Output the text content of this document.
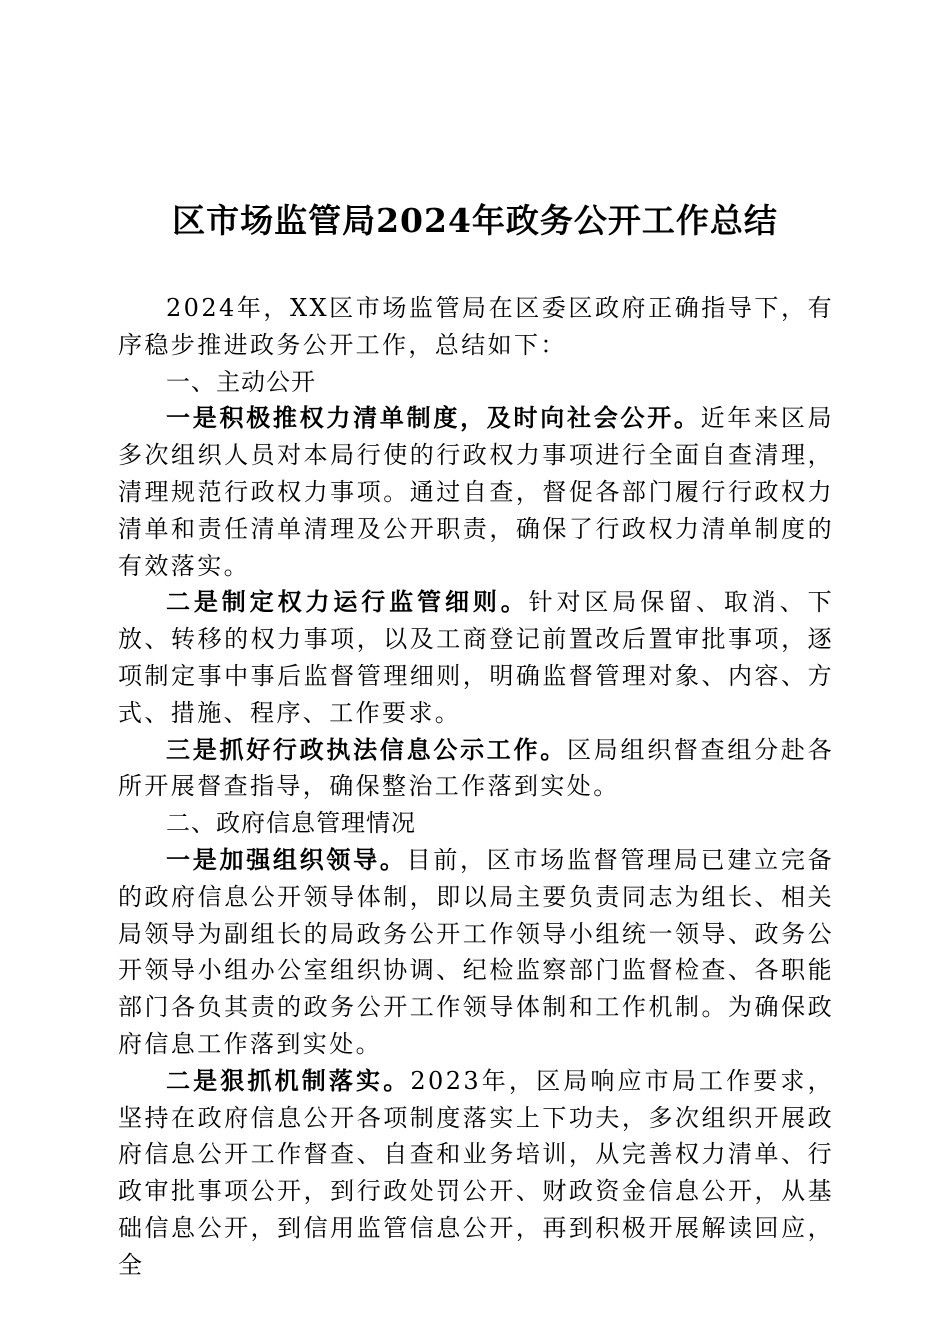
区市场监管局2024年政务公开工作总结

2024年，XX区市场监管局在区委区政府正确指导下，有序稳步推进政务公开工作，总结如下：

一、主动公开

一是积极推权力清单制度，及时向社会公开。近年来区局多次组织人员对本局行使的行政权力事项进行全面自查清理，清理规范行政权力事项。通过自查，督促各部门履行行政权力清单和责任清单清理及公开职责，确保了行政权力清单制度的有效落实。

二是制定权力运行监管细则。针对区局保留、取消、下放、转移的权力事项，以及工商登记前置改后置审批事项，逐项制定事中事后监督管理细则，明确监督管理对象、内容、方式、措施、程序、工作要求。

三是抓好行政执法信息公示工作。区局组织督查组分赴各所开展督查指导，确保整治工作落到实处。

二、政府信息管理情况

一是加强组织领导。目前，区市场监督管理局已建立完备的政府信息公开领导体制，即以局主要负责同志为组长、相关局领导为副组长的局政务公开工作领导小组统一领导、政务公开领导小组办公室组织协调、纪检监察部门监督检查、各职能部门各负其责的政务公开工作领导体制和工作机制。为确保政府信息工作落到实处。

二是狠抓机制落实。2023年，区局响应市局工作要求，坚持在政府信息公开各项制度落实上下功夫，多次组织开展政府信息公开工作督查、自查和业务培训，从完善权力清单、行政审批事项公开，到行政处罚公开、财政资金信息公开，从基础信息公开，到信用监管信息公开，再到积极开展解读回应，全
